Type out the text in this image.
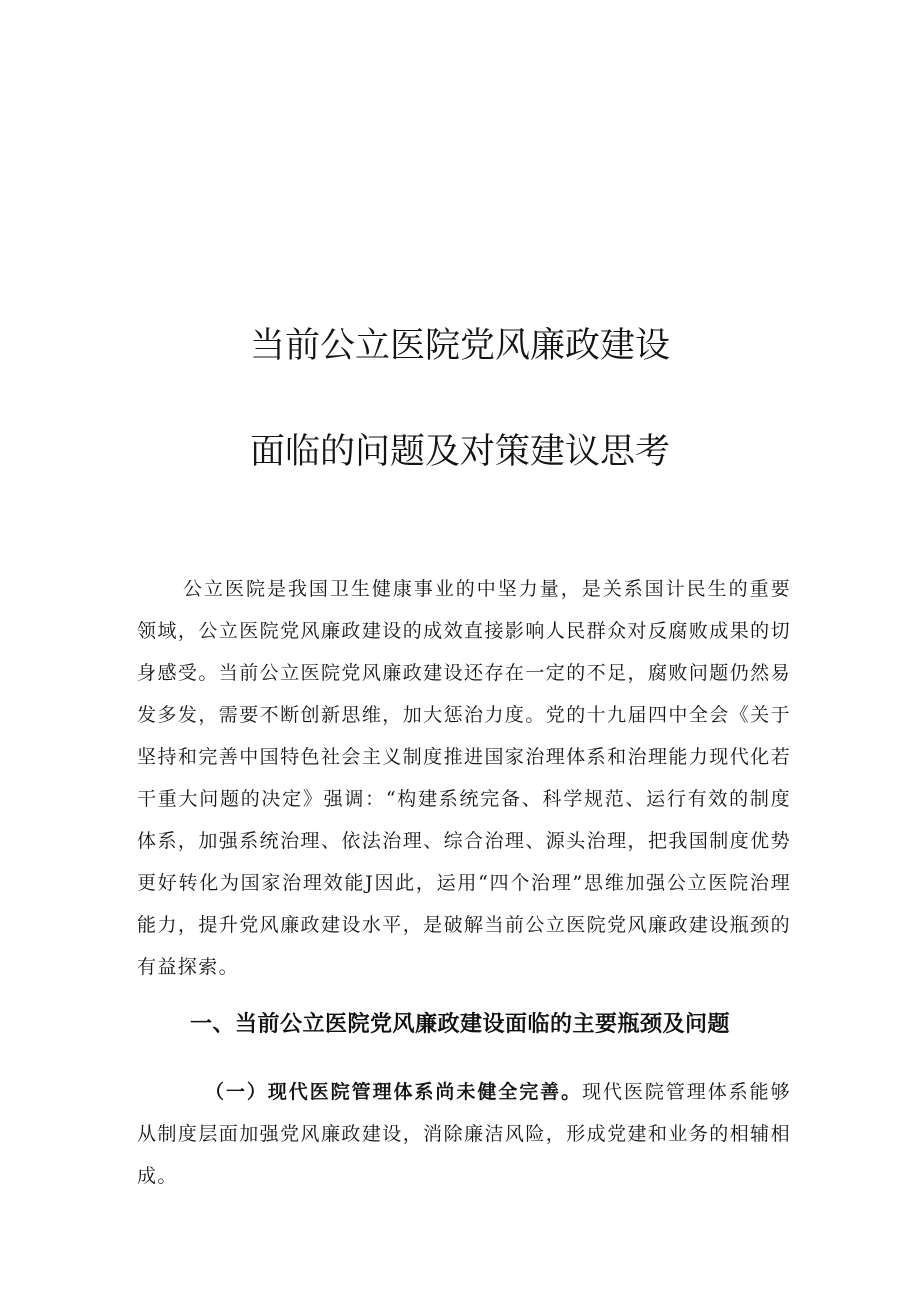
当前公立医院党风廉政建设
面临的问题及对策建议思考

公立医院是我国卫生健康事业的中坚力量，是关系国计民生的重要领域，公立医院党风廉政建设的成效直接影响人民群众对反腐败成果的切身感受。当前公立医院党风廉政建设还存在一定的不足，腐败问题仍然易发多发，需要不断创新思维，加大惩治力度。党的十九届四中全会《关于坚持和完善中国特色社会主义制度推进国家治理体系和治理能力现代化若干重大问题的决定》强调：“构建系统完备、科学规范、运行有效的制度体系，加强系统治理、依法治理、综合治理、源头治理，把我国制度优势更好转化为国家治理效能J因此，运用“四个治理”思维加强公立医院治理能力，提升党风廉政建设水平，是破解当前公立医院党风廉政建设瓶颈的有益探索。

一、当前公立医院党风廉政建设面临的主要瓶颈及问题

（一）现代医院管理体系尚未健全完善。现代医院管理体系能够从制度层面加强党风廉政建设，消除廉洁风险，形成党建和业务的相辅相成。
